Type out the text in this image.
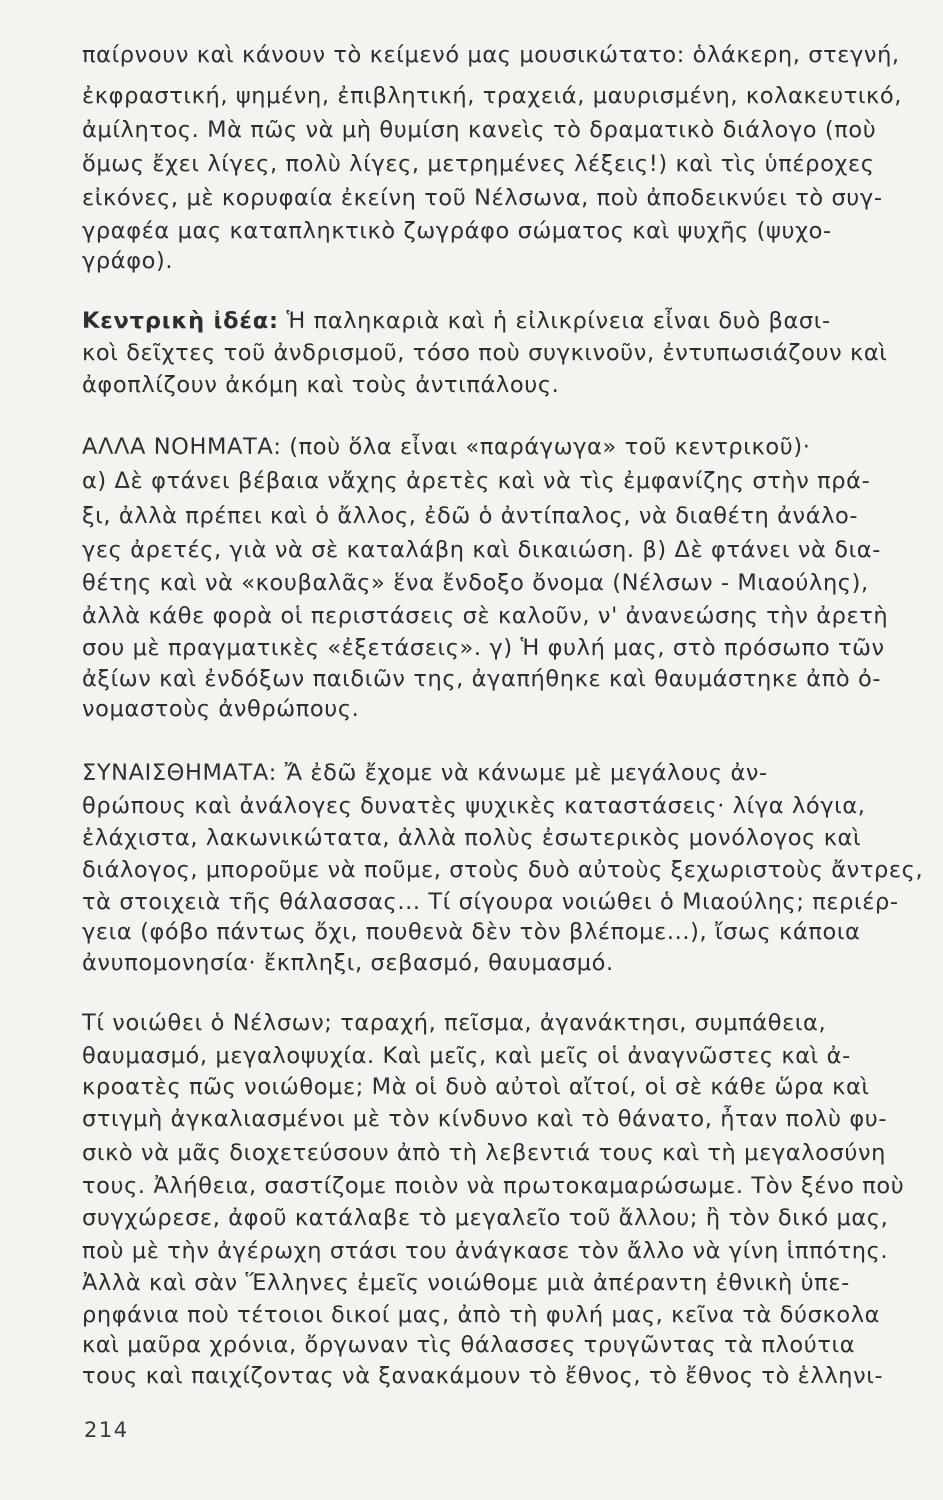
παίρνουν καὶ κάνουν τὸ κείμενό μας μουσικώτατο: ὁλάκερη, στεγνή,
ἐκφραστική, ψημένη, ἐπιβλητική, τραχειά, μαυρισμένη, κολακευτικό,
ἀμίλητος. Μὰ πῶς νὰ μὴ θυμίση κανεὶς τὸ δραματικὸ διάλογο (ποὺ
ὅμως ἔχει λίγες, πολὺ λίγες, μετρημένες λέξεις!) καὶ τὶς ὑπέροχες
εἰκόνες, μὲ κορυφαία ἐκείνη τοῦ Νέλσωνα, ποὺ ἀποδεικνύει τὸ συγ-
γραφέα μας καταπληκτικὸ ζωγράφο σώματος καὶ ψυχῆς (ψυχο-
γράφο).
Κεντρικὴ ἰδέα: Ἡ παληκαριὰ καὶ ἡ εἰλικρίνεια εἶναι δυὸ βασι-
κοὶ δεῖχτες τοῦ ἀνδρισμοῦ, τόσο ποὺ συγκινοῦν, ἐντυπωσιάζουν καὶ
ἀφοπλίζουν ἀκόμη καὶ τοὺς ἀντιπάλους.
ΑΛΛΑ ΝΟΗΜΑΤΑ: (ποὺ ὅλα εἶναι «παράγωγα» τοῦ κεντρικοῦ)·
α) Δὲ φτάνει βέβαια νἄχης ἀρετὲς καὶ νὰ τὶς ἐμφανίζης στὴν πρά-
ξι, ἀλλὰ πρέπει καὶ ὁ ἄλλος, ἐδῶ ὁ ἀντίπαλος, νὰ διαθέτη ἀνάλο-
γες ἀρετές, γιὰ νὰ σὲ καταλάβη καὶ δικαιώση. β) Δὲ φτάνει νὰ δια-
θέτης καὶ νὰ «κουβαλᾶς» ἕνα ἔνδοξο ὄνομα (Νέλσων - Μιαούλης),
ἀλλὰ κάθε φορὰ οἱ περιστάσεις σὲ καλοῦν, ν' ἀνανεώσης τὴν ἀρετὴ
σου μὲ πραγματικὲς «ἐξετάσεις». γ) Ἡ φυλή μας, στὸ πρόσωπο τῶν
ἀξίων καὶ ἐνδόξων παιδιῶν της, ἀγαπήθηκε καὶ θαυμάστηκε ἀπὸ ὀ-
νομαστοὺς ἀνθρώπους.
ΣΥΝΑΙΣΘΗΜΑΤΑ: Ἄ ἐδῶ ἔχομε νὰ κάνωμε μὲ μεγάλους ἀν-
θρώπους καὶ ἀνάλογες δυνατὲς ψυχικὲς καταστάσεις· λίγα λόγια,
ἐλάχιστα, λακωνικώτατα, ἀλλὰ πολὺς ἐσωτερικὸς μονόλογος καὶ
διάλογος, μποροῦμε νὰ ποῦμε, στοὺς δυὸ αὐτοὺς ξεχωριστοὺς ἄντρες,
τὰ στοιχειὰ τῆς θάλασσας... Τί σίγουρα νοιώθει ὁ Μιαούλης; περιέρ-
γεια (φόβο πάντως ὄχι, πουθενὰ δὲν τὸν βλέπομε...), ἴσως κάποια
ἀνυπομονησία· ἔκπληξι, σεβασμό, θαυμασμό.
Τί νοιώθει ὁ Νέλσων; ταραχή, πεῖσμα, ἀγανάκτησι, συμπάθεια,
θαυμασμό, μεγαλοψυχία. Καὶ μεῖς, καὶ μεῖς οἱ ἀναγνῶστες καὶ ἀ-
κροατὲς πῶς νοιώθομε; Μὰ οἱ δυὸ αὐτοὶ αἴτοί, οἱ σὲ κάθε ὥρα καὶ
στιγμὴ ἀγκαλιασμένοι μὲ τὸν κίνδυνο καὶ τὸ θάνατο, ἦταν πολὺ φυ-
σικὸ νὰ μᾶς διοχετεύσουν ἀπὸ τὴ λεβεντιά τους καὶ τὴ μεγαλοσύνη
τους. Ἀλήθεια, σαστίζομε ποιὸν νὰ πρωτοκαμαρώσωμε. Τὸν ξένο ποὺ
συγχώρεσε, ἀφοῦ κατάλαβε τὸ μεγαλεῖο τοῦ ἄλλου; ἢ τὸν δικό μας,
ποὺ μὲ τὴν ἀγέρωχη στάσι του ἀνάγκασε τὸν ἄλλο νὰ γίνη ἱππότης.
Ἀλλὰ καὶ σὰν Ἕλληνες ἐμεῖς νοιώθομε μιὰ ἀπέραντη ἐθνικὴ ὑπε-
ρηφάνια ποὺ τέτοιοι δικοί μας, ἀπὸ τὴ φυλή μας, κεῖνα τὰ δύσκολα
καὶ μαῦρα χρόνια, ὄργωναν τὶς θάλασσες τρυγῶντας τὰ πλούτια
τους καὶ παιχίζοντας νὰ ξανακάμουν τὸ ἔθνος, τὸ ἔθνος τὸ ἑλληνι-
214
